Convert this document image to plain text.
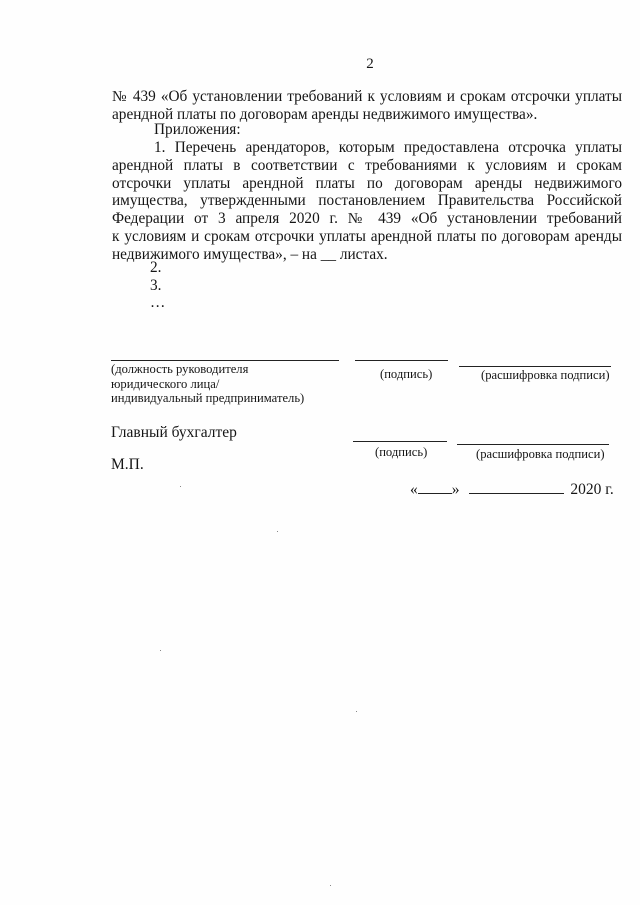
2
№ 439 «Об установлении требований к условиям и срокам отсрочки уплаты
арендной платы по договорам аренды недвижимого имущества».
Приложения:
1. Перечень арендаторов, которым предоставлена отсрочка уплаты
арендной платы в соответствии с требованиями к условиям и срокам
отсрочки уплаты арендной платы по договорам аренды недвижимого
имущества, утвержденными постановлением Правительства Российской
Федерации от 3 апреля 2020 г. № 439 «Об установлении требований
к условиям и срокам отсрочки уплаты арендной платы по договорам аренды
недвижимого имущества», – на __ листах.
2.
3.
…
(должность руководителя
юридического лица/
индивидуальный предприниматель)
(подпись)	(расшифровка подписи)
Главный бухгалтер
(подпись)	(расшифровка подписи)
М.П.
« »	2020 г.
